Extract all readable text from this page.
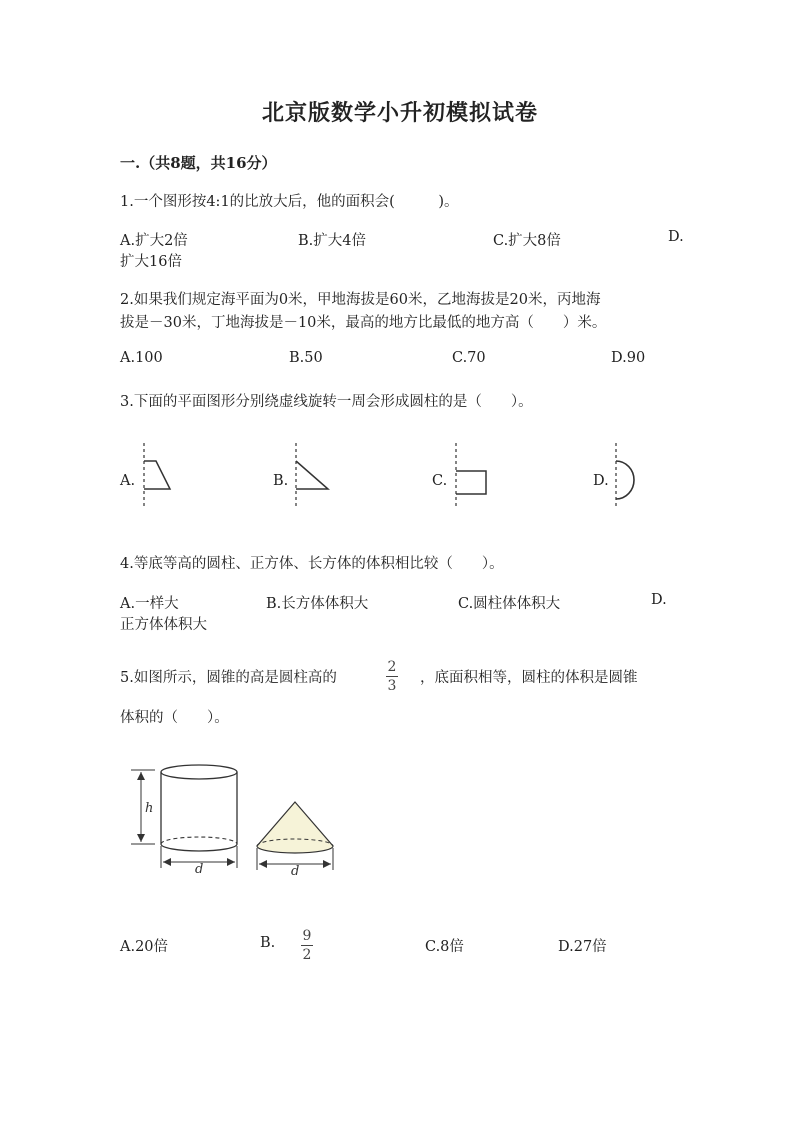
北京版数学小升初模拟试卷
一.（共8题，共16分）
1.一个图形按4:1的比放大后，他的面积会(　　　)。
A.扩大2倍	B.扩大4倍	C.扩大8倍	D.
扩大16倍
2.如果我们规定海平面为0米，甲地海拔是60米，乙地海拔是20米，丙地海
拔是－30米，丁地海拔是－10米，最高的地方比最低的地方高（　　）米。
A.100	B.50	C.70	D.90
3.下面的平面图形分别绕虚线旋转一周会形成圆柱的是（　　）。
A.	B.	C.	D.
4.等底等高的圆柱、正方体、长方体的体积相比较（　　）。
A.一样大	B.长方体体积大	C.圆柱体体积大	D.
正方体体积大
5.如图所示，圆锥的高是圆柱高的
2
3 ，底面积相等，圆柱的体积是圆锥
体积的（　　）。
h
d	d
A.20倍	B. 9
2	C.8倍	D.27倍
